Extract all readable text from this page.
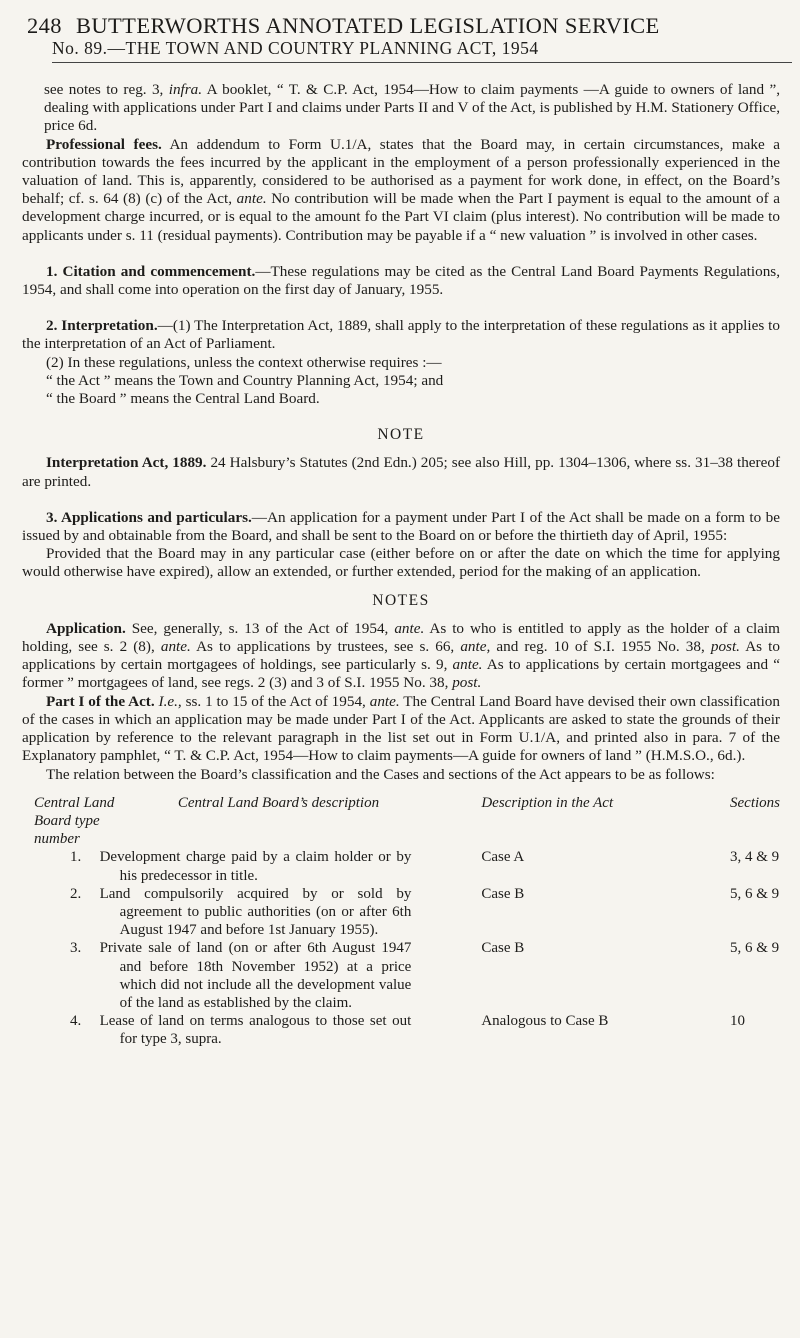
248 BUTTERWORTHS ANNOTATED LEGISLATION SERVICE
No. 89.—THE TOWN AND COUNTRY PLANNING ACT, 1954

see notes to reg. 3, infra. A booklet, “ T. & C.P. Act, 1954—How to claim payments —A guide to owners of land ”, dealing with applications under Part I and claims under Parts II and V of the Act, is published by H.M. Stationery Office, price 6d.

Professional fees. An addendum to Form U.1/A, states that the Board may, in certain circumstances, make a contribution towards the fees incurred by the applicant in the employment of a person professionally experienced in the valuation of land. This is, apparently, considered to be authorised as a payment for work done, in effect, on the Board’s behalf; cf. s. 64 (8) (c) of the Act, ante. No contribution will be made when the Part I payment is equal to the amount of a development charge incurred, or is equal to the amount fo the Part VI claim (plus interest). No contribution will be made to applicants under s. 11 (residual payments). Contribution may be payable if a “ new valuation ” is involved in other cases.

1. Citation and commencement.—These regulations may be cited as the Central Land Board Payments Regulations, 1954, and shall come into operation on the first day of January, 1955.

2. Interpretation.—(1) The Interpretation Act, 1889, shall apply to the interpretation of these regulations as it applies to the interpretation of an Act of Parliament.

(2) In these regulations, unless the context otherwise requires :—

“ the Act ” means the Town and Country Planning Act, 1954; and

“ the Board ” means the Central Land Board.

NOTE

Interpretation Act, 1889. 24 Halsbury’s Statutes (2nd Edn.) 205; see also Hill, pp. 1304–1306, where ss. 31–38 thereof are printed.

3. Applications and particulars.—An application for a payment under Part I of the Act shall be made on a form to be issued by and obtainable from the Board, and shall be sent to the Board on or before the thirtieth day of April, 1955:

Provided that the Board may in any particular case (either before on or after the date on which the time for applying would otherwise have expired), allow an extended, or further extended, period for the making of an application.

NOTES

Application. See, generally, s. 13 of the Act of 1954, ante. As to who is entitled to apply as the holder of a claim holding, see s. 2 (8), ante. As to applications by trustees, see s. 66, ante, and reg. 10 of S.I. 1955 No. 38, post. As to applications by certain mortgagees of holdings, see particularly s. 9, ante. As to applications by certain mortgagees and “ former ” mortgagees of land, see regs. 2 (3) and 3 of S.I. 1955 No. 38, post.

Part I of the Act. I.e., ss. 1 to 15 of the Act of 1954, ante. The Central Land Board have devised their own classification of the cases in which an application may be made under Part I of the Act. Applicants are asked to state the grounds of their application by reference to the relevant paragraph in the list set out in Form U.1/A, and printed also in para. 7 of the Explanatory pamphlet, “ T. & C.P. Act, 1954—How to claim payments—A guide for owners of land ” (H.M.S.O., 6d.).

The relation between the Board’s classification and the Cases and sections of the Act appears to be as follows:

Central Land Board type number	Central Land Board’s description	Description in the Act	Sections
1.	Development charge paid by a claim holder or by his predecessor in title.	Case A	3, 4 & 9
2.	Land compulsorily acquired by or sold by agreement to public authorities (on or after 6th August 1947 and before 1st January 1955).	Case B	5, 6 & 9
3.	Private sale of land (on or after 6th August 1947 and before 18th November 1952) at a price which did not include all the development value of the land as established by the claim.	Case B	5, 6 & 9
4.	Lease of land on terms analogous to those set out for type 3, supra.	Analogous to Case B	10
